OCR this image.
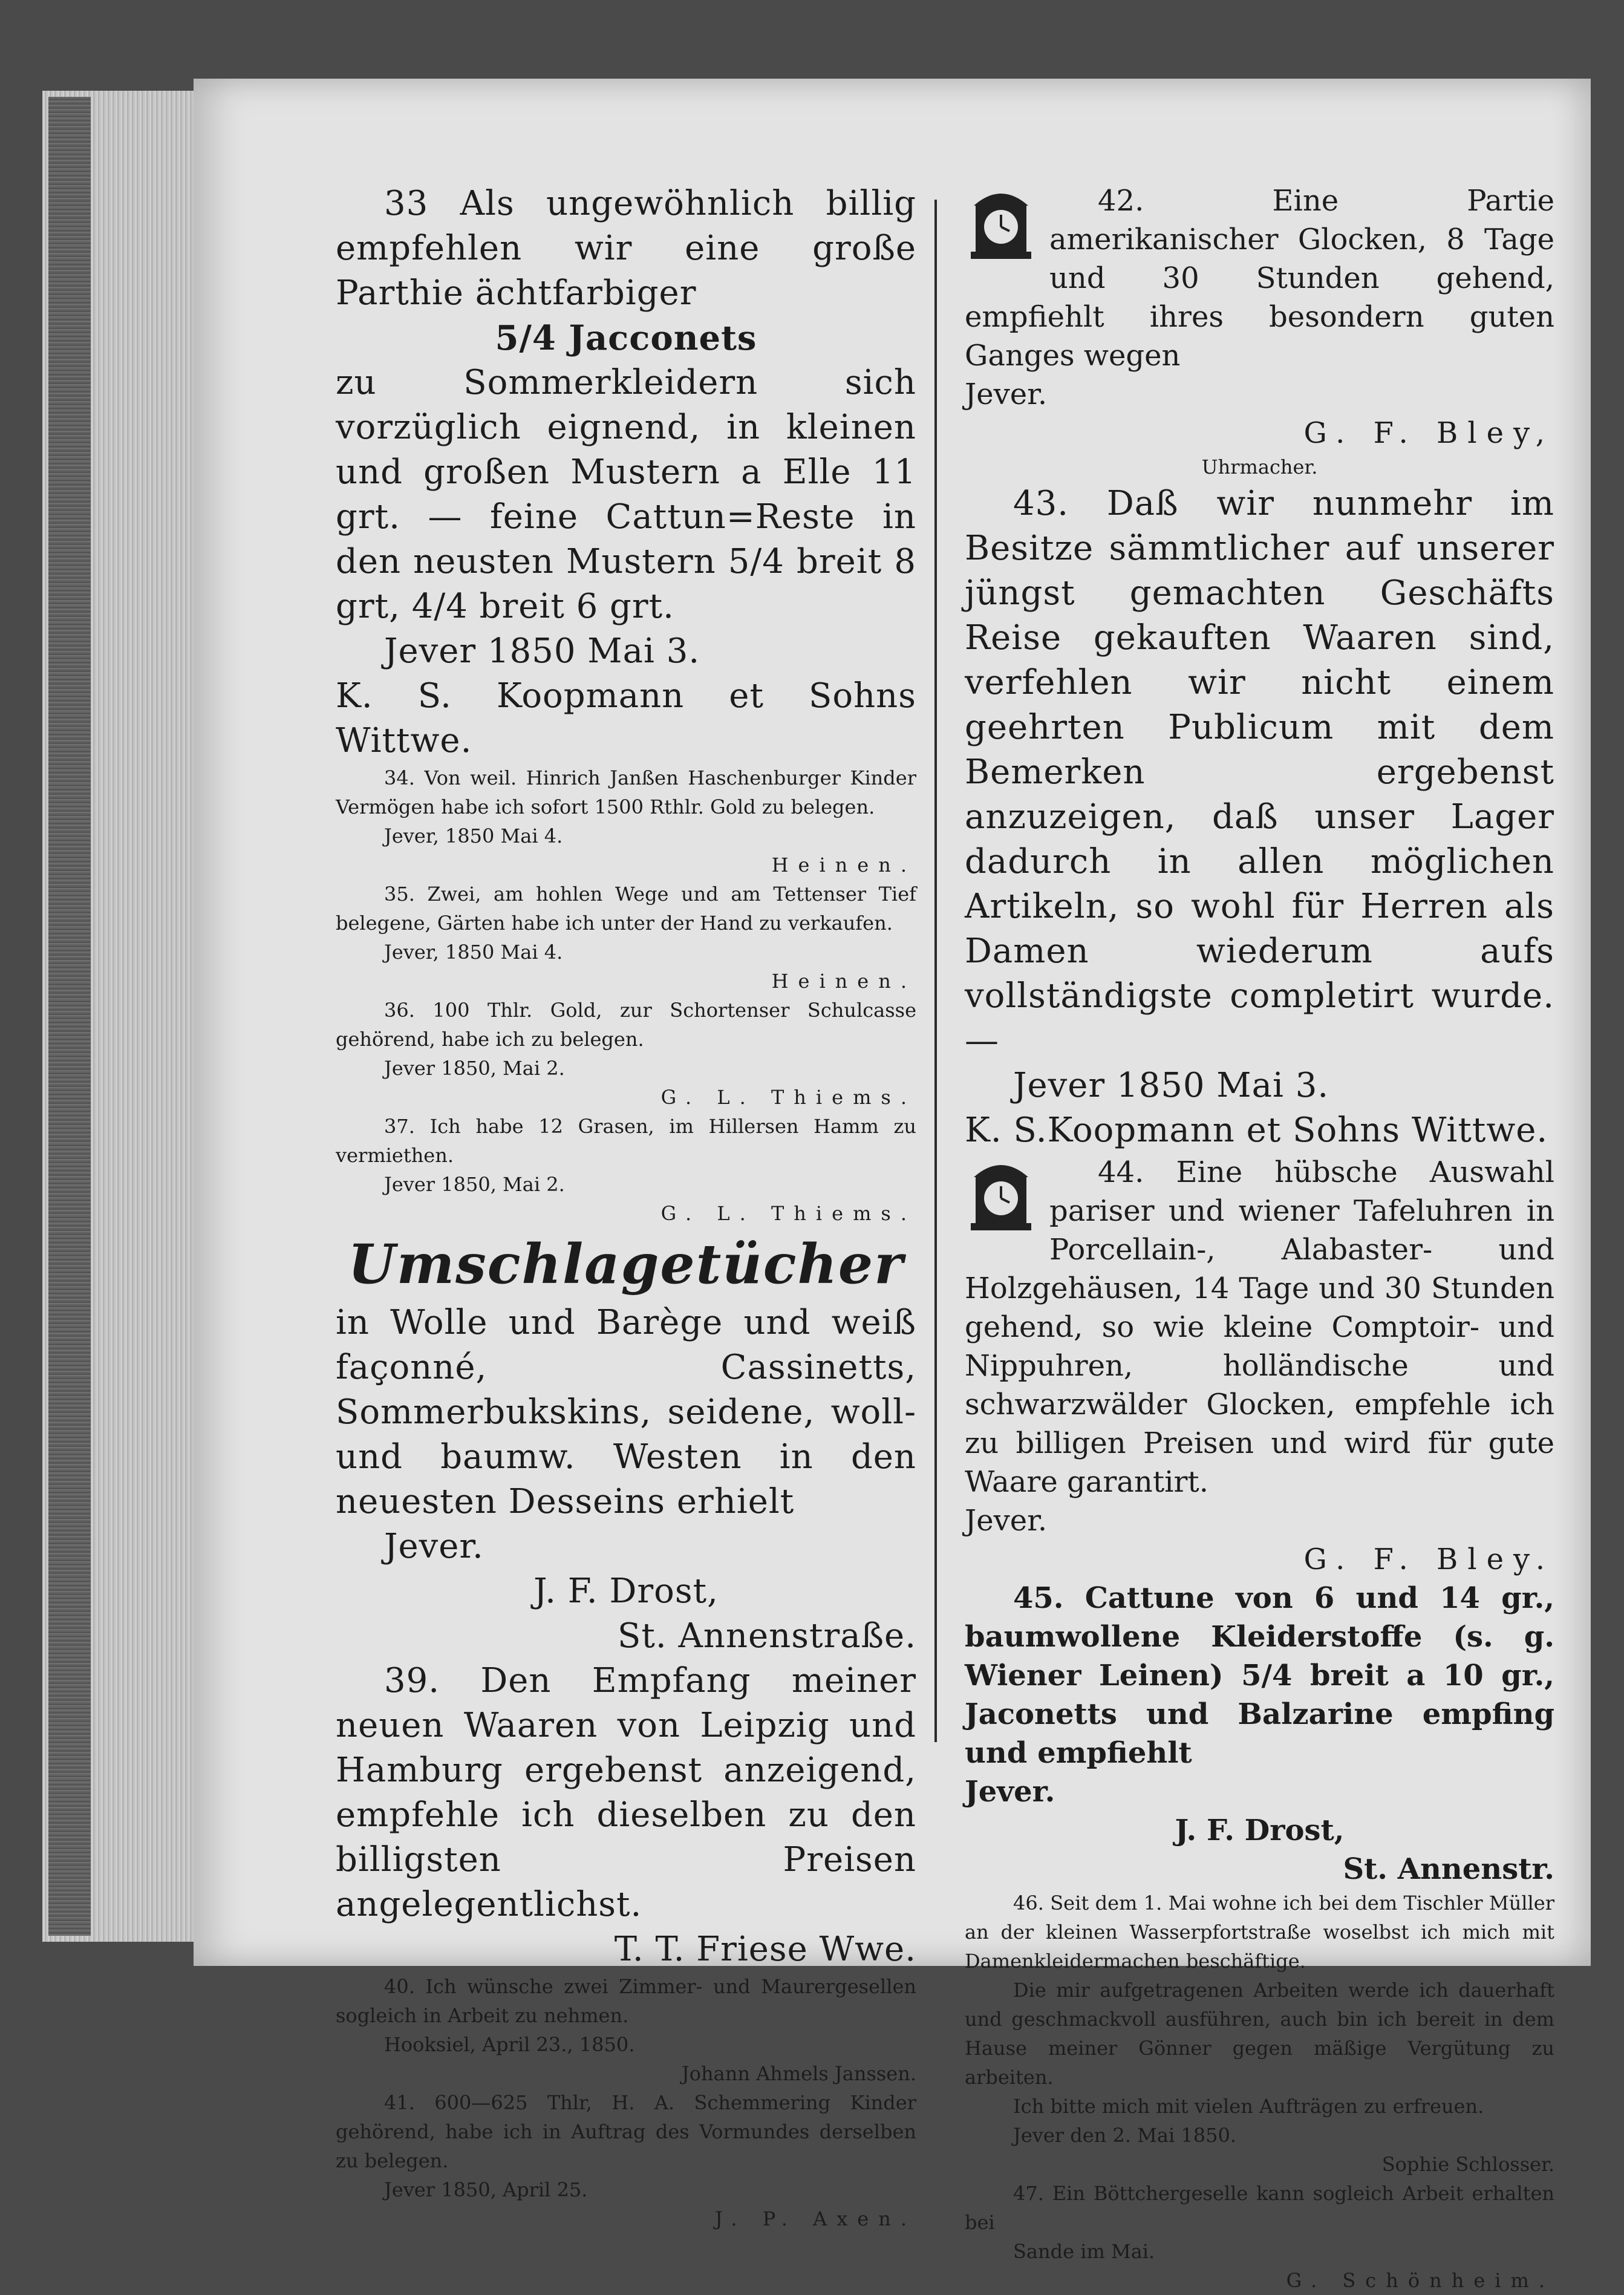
33 Als ungewöhnlich billig empfehlen wir eine große Parthie ächtfarbiger

5/4 Jacconets

zu Sommerkleidern sich vorzüglich eignend, in kleinen und großen Mustern a Elle 11 grt. — feine Cattun=Reste in den neusten Mustern 5/4 breit 8 grt, 4/4 breit 6 grt.

Jever 1850 Mai 3.

K. S. Koopmann et Sohns Wittwe.

34. Von weil. Hinrich Janßen Haschenburger Kinder Vermögen habe ich sofort 1500 Rthlr. Gold zu belegen.

Jever, 1850 Mai 4.

Heinen.

35. Zwei, am hohlen Wege und am Tettenser Tief belegene, Gärten habe ich unter der Hand zu verkaufen.

Jever, 1850 Mai 4.

Heinen.

36. 100 Thlr. Gold, zur Schortenser Schulcasse gehörend, habe ich zu belegen.

Jever 1850, Mai 2.

G. L. Thiems.

37. Ich habe 12 Grasen, im Hillersen Hamm zu vermiethen.

Jever 1850, Mai 2.

G. L. Thiems.

Umschlagetücher

in Wolle und Barège und weiß façonné, Cassinetts, Sommerbukskins, seidene, woll- und baumw. Westen in den neuesten Desseins erhielt

Jever.

J. F. Drost,

St. Annenstraße.

39. Den Empfang meiner neuen Waaren von Leipzig und Hamburg ergebenst anzeigend, empfehle ich dieselben zu den billigsten Preisen angelegentlichst.

T. T. Friese Wwe.

40. Ich wünsche zwei Zimmer- und Maurergesellen sogleich in Arbeit zu nehmen.

Hooksiel, April 23., 1850.

Johann Ahmels Janssen.

41. 600—625 Thlr, H. A. Schemmering Kinder gehörend, habe ich in Auftrag des Vormundes derselben zu belegen.

Jever 1850, April 25.

J. P. Axen.

42. Eine Partie amerikanischer Glocken, 8 Tage und 30 Stunden gehend, empfiehlt ihres besondern guten Ganges wegen

Jever.

G. F. Bley,

Uhrmacher.

43. Daß wir nunmehr im Besitze sämmtlicher auf unserer jüngst gemachten Geschäfts Reise gekauften Waaren sind, verfehlen wir nicht einem geehrten Publicum mit dem Bemerken ergebenst anzuzeigen, daß unser Lager dadurch in allen möglichen Artikeln, so wohl für Herren als Damen wiederum aufs vollständigste completirt wurde. —

Jever 1850 Mai 3.

K. S.Koopmann et Sohns Wittwe.

44. Eine hübsche Auswahl pariser und wiener Tafeluhren in Porcellain-, Alabaster- und Holzgehäusen, 14 Tage und 30 Stunden gehend, so wie kleine Comptoir- und Nippuhren, holländische und schwarzwälder Glocken, empfehle ich zu billigen Preisen und wird für gute Waare garantirt.

Jever.

G. F. Bley.

45. Cattune von 6 und 14 gr., baumwollene Kleiderstoffe (s. g. Wiener Leinen) 5/4 breit a 10 gr., Jaconetts und Balzarine empfing und empfiehlt

Jever.

J. F. Drost,

St. Annenstr.

46. Seit dem 1. Mai wohne ich bei dem Tischler Müller an der kleinen Wasserpfortstraße woselbst ich mich mit Damenkleidermachen beschäftige.

Die mir aufgetragenen Arbeiten werde ich dauerhaft und geschmackvoll ausführen, auch bin ich bereit in dem Hause meiner Gönner gegen mäßige Vergütung zu arbeiten.

Ich bitte mich mit vielen Aufträgen zu erfreuen.

Jever den 2. Mai 1850.

Sophie Schlosser.

47. Ein Böttchergeselle kann sogleich Arbeit erhalten bei

Sande im Mai.

G. Schönheim.
